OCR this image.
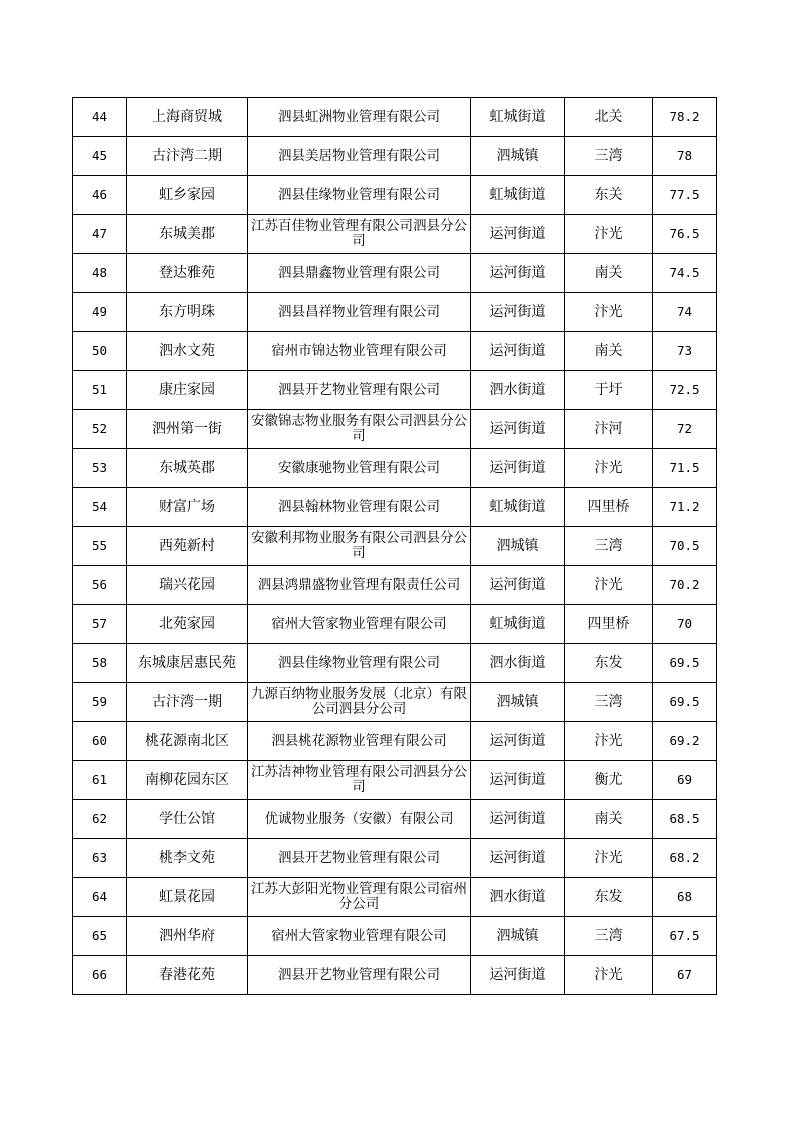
44	上海商贸城	泗县虹洲物业管理有限公司	虹城街道	北关	78.2
45	古汴湾二期	泗县美居物业管理有限公司	泗城镇	三湾	78
46	虹乡家园	泗县佳缘物业管理有限公司	虹城街道	东关	77.5
47	东城美郡	江苏百佳物业管理有限公司泗县分公司	运河街道	汴光	76.5
48	登达雅苑	泗县鼎鑫物业管理有限公司	运河街道	南关	74.5
49	东方明珠	泗县昌祥物业管理有限公司	运河街道	汴光	74
50	泗水文苑	宿州市锦达物业管理有限公司	运河街道	南关	73
51	康庄家园	泗县开艺物业管理有限公司	泗水街道	于圩	72.5
52	泗州第一街	安徽锦志物业服务有限公司泗县分公司	运河街道	汴河	72
53	东城英郡	安徽康驰物业管理有限公司	运河街道	汴光	71.5
54	财富广场	泗县翰林物业管理有限公司	虹城街道	四里桥	71.2
55	西苑新村	安徽利邦物业服务有限公司泗县分公司	泗城镇	三湾	70.5
56	瑞兴花园	泗县鸿鼎盛物业管理有限责任公司	运河街道	汴光	70.2
57	北苑家园	宿州大管家物业管理有限公司	虹城街道	四里桥	70
58	东城康居惠民苑	泗县佳缘物业管理有限公司	泗水街道	东发	69.5
59	古汴湾一期	九源百纳物业服务发展（北京）有限公司泗县分公司	泗城镇	三湾	69.5
60	桃花源南北区	泗县桃花源物业管理有限公司	运河街道	汴光	69.2
61	南柳花园东区	江苏洁神物业管理有限公司泗县分公司	运河街道	衡尤	69
62	学仕公馆	优诚物业服务（安徽）有限公司	运河街道	南关	68.5
63	桃李文苑	泗县开艺物业管理有限公司	运河街道	汴光	68.2
64	虹景花园	江苏大彭阳光物业管理有限公司宿州分公司	泗水街道	东发	68
65	泗州华府	宿州大管家物业管理有限公司	泗城镇	三湾	67.5
66	春港花苑	泗县开艺物业管理有限公司	运河街道	汴光	67
